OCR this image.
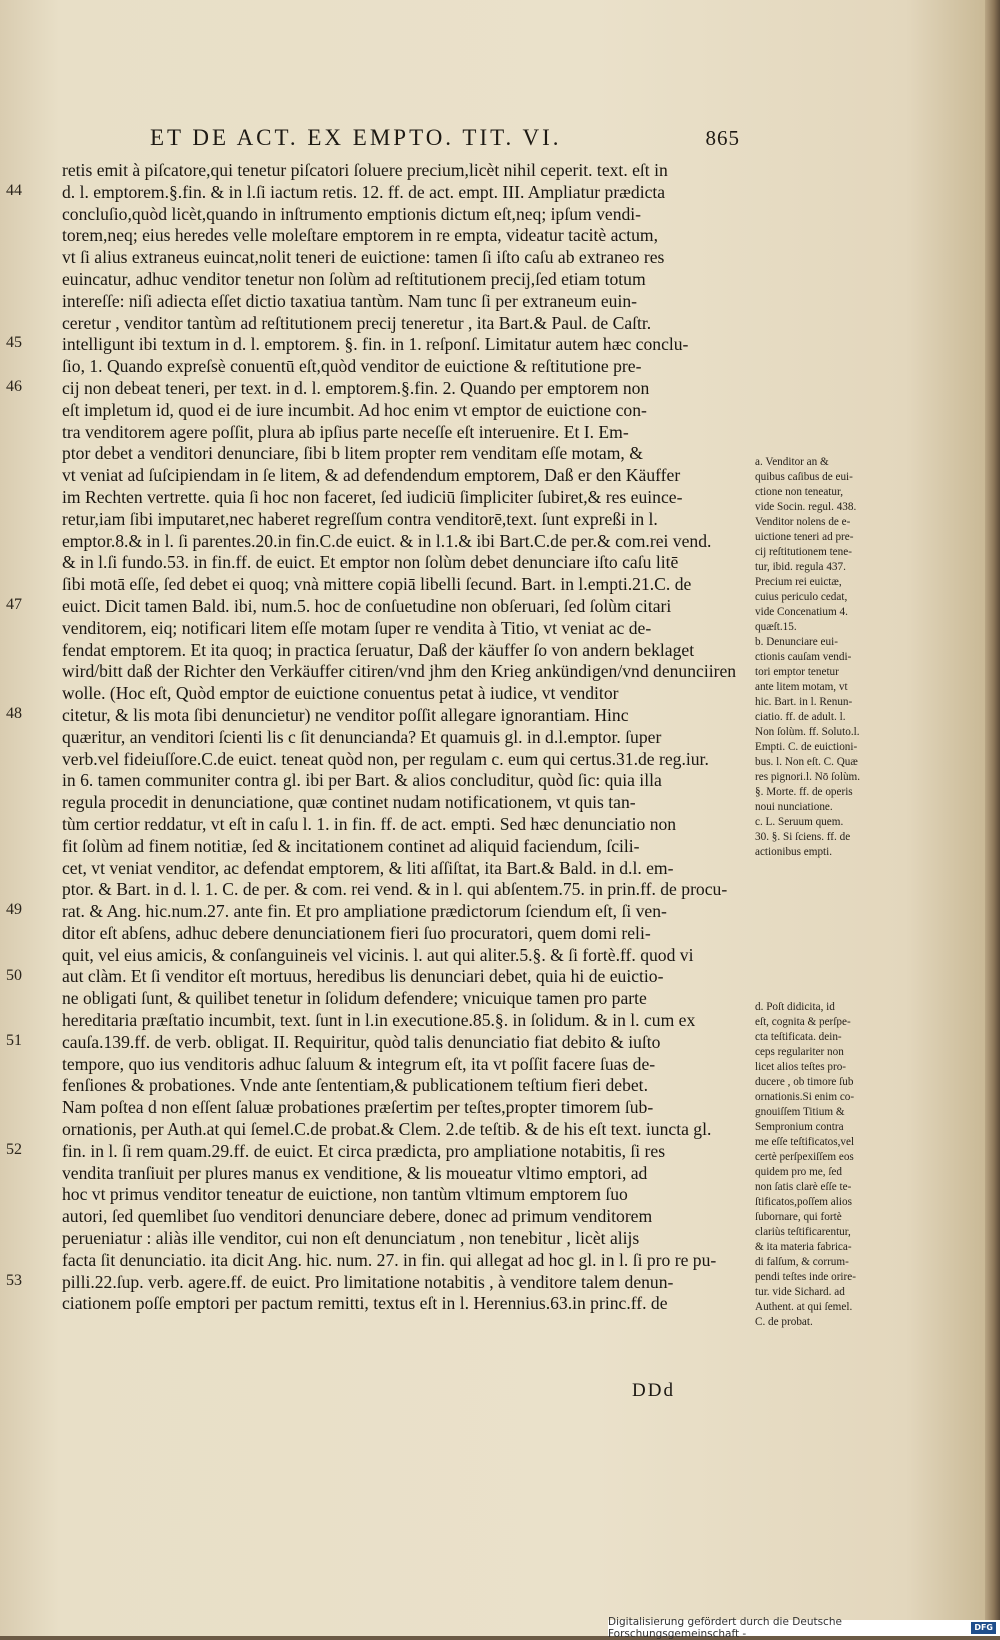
ET DE ACT. EX EMPTO. TIT. VI.	865
44
45
46
47
48
49
50
51
52
53
retis emit à piſcatore,qui tenetur piſcatori ſoluere precium,licèt nihil ceperit. text. eſt in
d. l. emptorem.§.fin. & in l.ſi iactum retis. 12. ff. de act. empt. III. Ampliatur prædicta
concluſio,quòd licèt,quando in inſtrumento emptionis dictum eſt,neq; ipſum vendi-
torem,neq; eius heredes velle moleſtare emptorem in re empta, videatur tacitè actum,
vt ſi alius extraneus euincat,nolit teneri de euictione: tamen ſi iſto caſu ab extraneo res
euincatur, adhuc venditor tenetur non ſolùm ad reſtitutionem precij,ſed etiam totum
intereſſe: niſi adiecta eſſet dictio taxatiua tantùm. Nam tunc ſi per extraneum euin-
ceretur , venditor tantùm ad reſtitutionem precij teneretur , ita Bart.& Paul. de Caſtr.
intelligunt ibi textum in d. l. emptorem. §. fin. in 1. reſponſ. Limitatur autem hæc conclu-
ſio, 1. Quando expreſsè conuentū eſt,quòd venditor de euictione & reſtitutione pre-
cij non debeat teneri, per text. in d. l. emptorem.§.fin. 2. Quando per emptorem non
eſt impletum id, quod ei de iure incumbit. Ad hoc enim vt emptor de euictione con-
tra venditorem agere poſſit, plura ab ipſius parte neceſſe eſt interuenire. Et I. Em-
ptor debet a venditori denunciare, ſibi b litem propter rem venditam eſſe motam, &
vt veniat ad ſuſcipiendam in ſe litem, & ad defendendum emptorem, Daß er den Käuffer
im Rechten vertrette. quia ſi hoc non faceret, ſed iudiciū ſimpliciter ſubiret,& res euince-
retur,iam ſibi imputaret,nec haberet regreſſum contra venditorē,text. ſunt expreßi in l.
emptor.8.& in l. ſi parentes.20.in fin.C.de euict. & in l.1.& ibi Bart.C.de per.& com.rei vend.
& in l.ſi fundo.53. in fin.ff. de euict. Et emptor non ſolùm debet denunciare iſto caſu litē
ſibi motā eſſe, ſed debet ei quoq; vnà mittere copiā libelli ſecund. Bart. in l.empti.21.C. de
euict. Dicit tamen Bald. ibi, num.5. hoc de conſuetudine non obſeruari, ſed ſolùm citari
venditorem, eiq; notificari litem eſſe motam ſuper re vendita à Titio, vt veniat ac de-
fendat emptorem. Et ita quoq; in practica ſeruatur, Daß der käuffer ſo von andern beklaget
wird/bitt daß der Richter den Verkäuffer citiren/vnd jhm den Krieg ankündigen/vnd denunciiren
wolle. (Hoc eſt, Quòd emptor de euictione conuentus petat à iudice, vt venditor
citetur, & lis mota ſibi denuncietur) ne venditor poſſit allegare ignorantiam. Hinc
quæritur, an venditori ſcienti lis c ſit denuncianda? Et quamuis gl. in d.l.emptor. ſuper
verb.vel fideiuſſore.C.de euict. teneat quòd non, per regulam c. eum qui certus.31.de reg.iur.
in 6. tamen communiter contra gl. ibi per Bart. & alios concluditur, quòd ſic: quia illa
regula procedit in denunciatione, quæ continet nudam notificationem, vt quis tan-
tùm certior reddatur, vt eſt in caſu l. 1. in fin. ff. de act. empti. Sed hæc denunciatio non
fit ſolùm ad finem notitiæ, ſed & incitationem continet ad aliquid faciendum, ſcili-
cet, vt veniat venditor, ac defendat emptorem, & liti aſſiſtat, ita Bart.& Bald. in d.l. em-
ptor. & Bart. in d. l. 1. C. de per. & com. rei vend. & in l. qui abſentem.75. in prin.ff. de procu-
rat. & Ang. hic.num.27. ante fin. Et pro ampliatione prædictorum ſciendum eſt, ſi ven-
ditor eſt abſens, adhuc debere denunciationem fieri ſuo procuratori, quem domi reli-
quit, vel eius amicis, & conſanguineis vel vicinis. l. aut qui aliter.5.§. & ſi fortè.ff. quod vi
aut clàm. Et ſi venditor eſt mortuus, heredibus lis denunciari debet, quia hi de euictio-
ne obligati ſunt, & quilibet tenetur in ſolidum defendere; vnicuique tamen pro parte
hereditaria præſtatio incumbit, text. ſunt in l.in executione.85.§. in ſolidum. & in l. cum ex
cauſa.139.ff. de verb. obligat. II. Requiritur, quòd talis denunciatio fiat debito & iuſto
tempore, quo ius venditoris adhuc ſaluum & integrum eſt, ita vt poſſit facere ſuas de-
fenſiones & probationes. Vnde ante ſententiam,& publicationem teſtium fieri debet.
Nam poſtea d non eſſent ſaluæ probationes præſertim per teſtes,propter timorem ſub-
ornationis, per Auth.at qui ſemel.C.de probat.& Clem. 2.de teſtib. & de his eſt text. iuncta gl.
fin. in l. ſi rem quam.29.ff. de euict. Et circa prædicta, pro ampliatione notabitis, ſi res
vendita tranſiuit per plures manus ex venditione, & lis moueatur vltimo emptori, ad
hoc vt primus venditor teneatur de euictione, non tantùm vltimum emptorem ſuo
autori, ſed quemlibet ſuo venditori denunciare debere, donec ad primum venditorem
perueniatur : aliàs ille venditor, cui non eſt denunciatum , non tenebitur , licèt alijs
facta ſit denunciatio. ita dicit Ang. hic. num. 27. in fin. qui allegat ad hoc gl. in l. ſi pro re pu-
pilli.22.ſup. verb. agere.ff. de euict. Pro limitatione notabitis , à venditore talem denun-
ciationem poſſe emptori per pactum remitti, textus eſt in l. Herennius.63.in princ.ff. de
a. Venditor an &
quibus caſibus de eui-
ctione non teneatur,
vide Socin. regul. 438.
Venditor nolens de e-
uictione teneri ad pre-
cij reſtitutionem tene-
tur, ibid. regula 437.
Precium rei euictæ,
cuius periculo cedat,
vide Concenatium 4.
quæſt.15.
b. Denunciare eui-
ctionis cauſam vendi-
tori emptor tenetur
ante litem motam, vt
hic. Bart. in l. Renun-
ciatio. ff. de adult. l.
Non ſolùm. ff. Soluto.l.
Empti. C. de euictioni-
bus. l. Non eſt. C. Quæ
res pignori.l. Nō ſolùm.
§. Morte. ff. de operis
noui nunciatione.
c. L. Seruum quem.
30. §. Si ſciens. ff. de
actionibus empti.
d. Poſt didicita, id
eſt, cognita & perſpe-
cta teſtificata. dein-
ceps regulariter non
licet alios teſtes pro-
ducere , ob timore ſub
ornationis.Si enim co-
gnouiſſem Titium &
Sempronium contra
me eſſe teſtificatos,vel
certè perſpexiſſem eos
quidem pro me, ſed
non ſatis clarè eſſe te-
ſtificatos,poſſem alios
ſubornare, qui fortè
clariùs teſtificarentur,
& ita materia fabrica-
di falſum, & corrum-
pendi teſtes inde orire-
tur. vide Sichard. ad
Authent. at qui ſemel.
C. de probat.
DDd
Digitalisierung gefördert durch die Deutsche Forschungsgemeinschaft -
DFG
